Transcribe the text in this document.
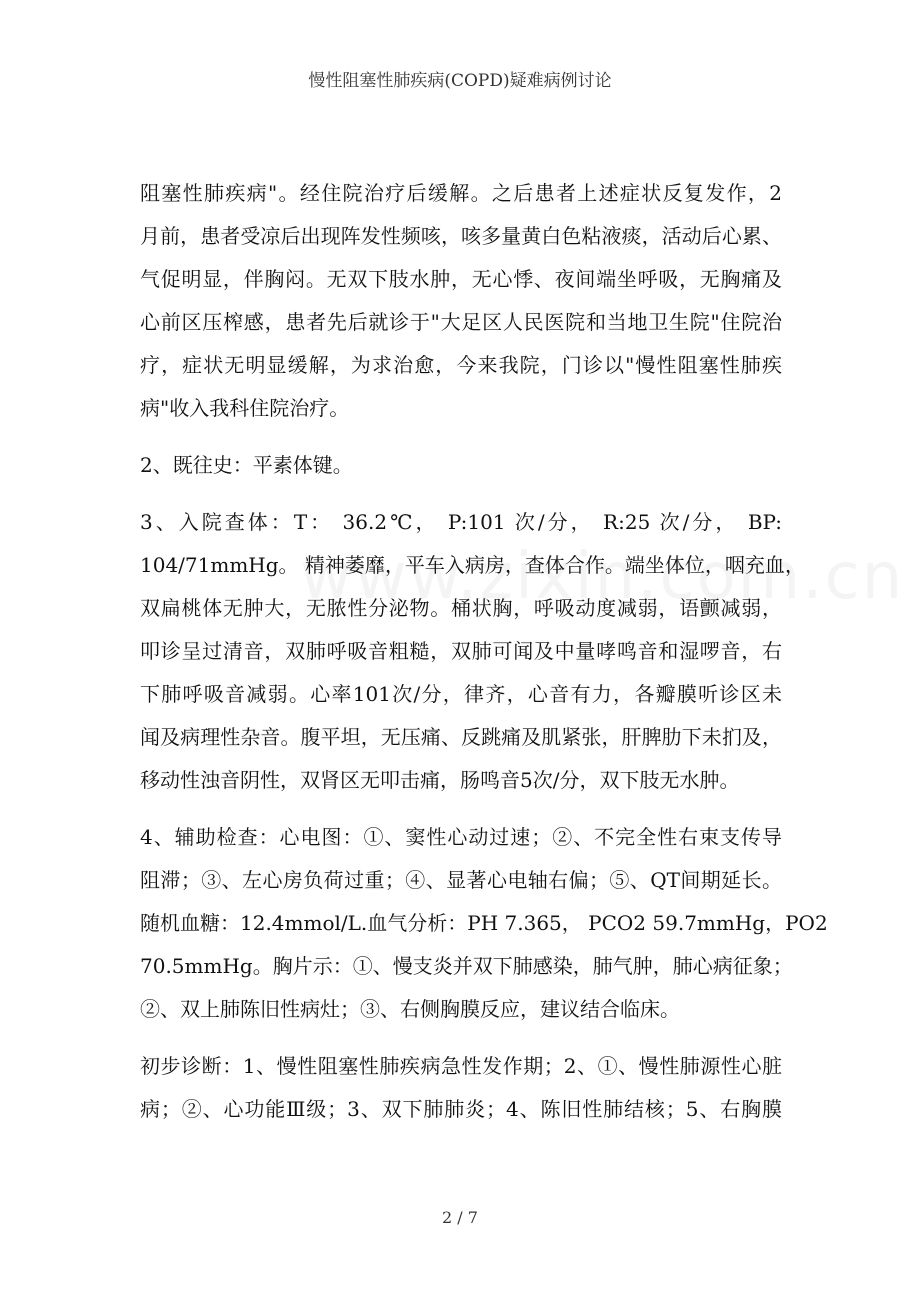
慢性阻塞性肺疾病(COPD)疑难病例讨论
阻塞性肺疾病"。经住院治疗后缓解。之后患者上述症状反复发作，2
月前，患者受凉后出现阵发性频咳，咳多量黄白色粘液痰，活动后心累、
气促明显，伴胸闷。无双下肢水肿，无心悸、夜间端坐呼吸，无胸痛及
心前区压榨感，患者先后就诊于"大足区人民医院和当地卫生院"住院治
疗，症状无明显缓解，为求治愈，今来我院，门诊以"慢性阻塞性肺疾
病"收入我科住院治疗。
2、既往史：平素体键。
3、入院查体：T： 36.2℃， P:101 次/分， R:25 次/分， BP:
104/71mmHg。 精神萎靡，平车入病房，查体合作。端坐体位，咽充血，
双扁桃体无肿大，无脓性分泌物。桶状胸，呼吸动度减弱，语颤减弱，
叩诊呈过清音，双肺呼吸音粗糙，双肺可闻及中量哮鸣音和湿啰音，右
下肺呼吸音减弱。心率101次/分，律齐，心音有力，各瓣膜听诊区未
闻及病理性杂音。腹平坦，无压痛、反跳痛及肌紧张，肝脾肋下未扪及，
移动性浊音阴性，双肾区无叩击痛，肠鸣音5次/分，双下肢无水肿。
4、辅助检查：心电图：①、窦性心动过速；②、不完全性右束支传导
阻滞；③、左心房负荷过重；④、显著心电轴右偏；⑤、QT间期延长。
随机血糖：12.4mmol/L.血气分析：PH 7.365， PCO2 59.7mmHg，PO2
70.5mmHg。胸片示：①、慢支炎并双下肺感染，肺气肿，肺心病征象；
②、双上肺陈旧性病灶；③、右侧胸膜反应，建议结合临床。
初步诊断：1、慢性阻塞性肺疾病急性发作期；2、①、慢性肺源性心脏
病；②、心功能Ⅲ级；3、双下肺肺炎；4、陈旧性肺结核；5、右胸膜
2 / 7
